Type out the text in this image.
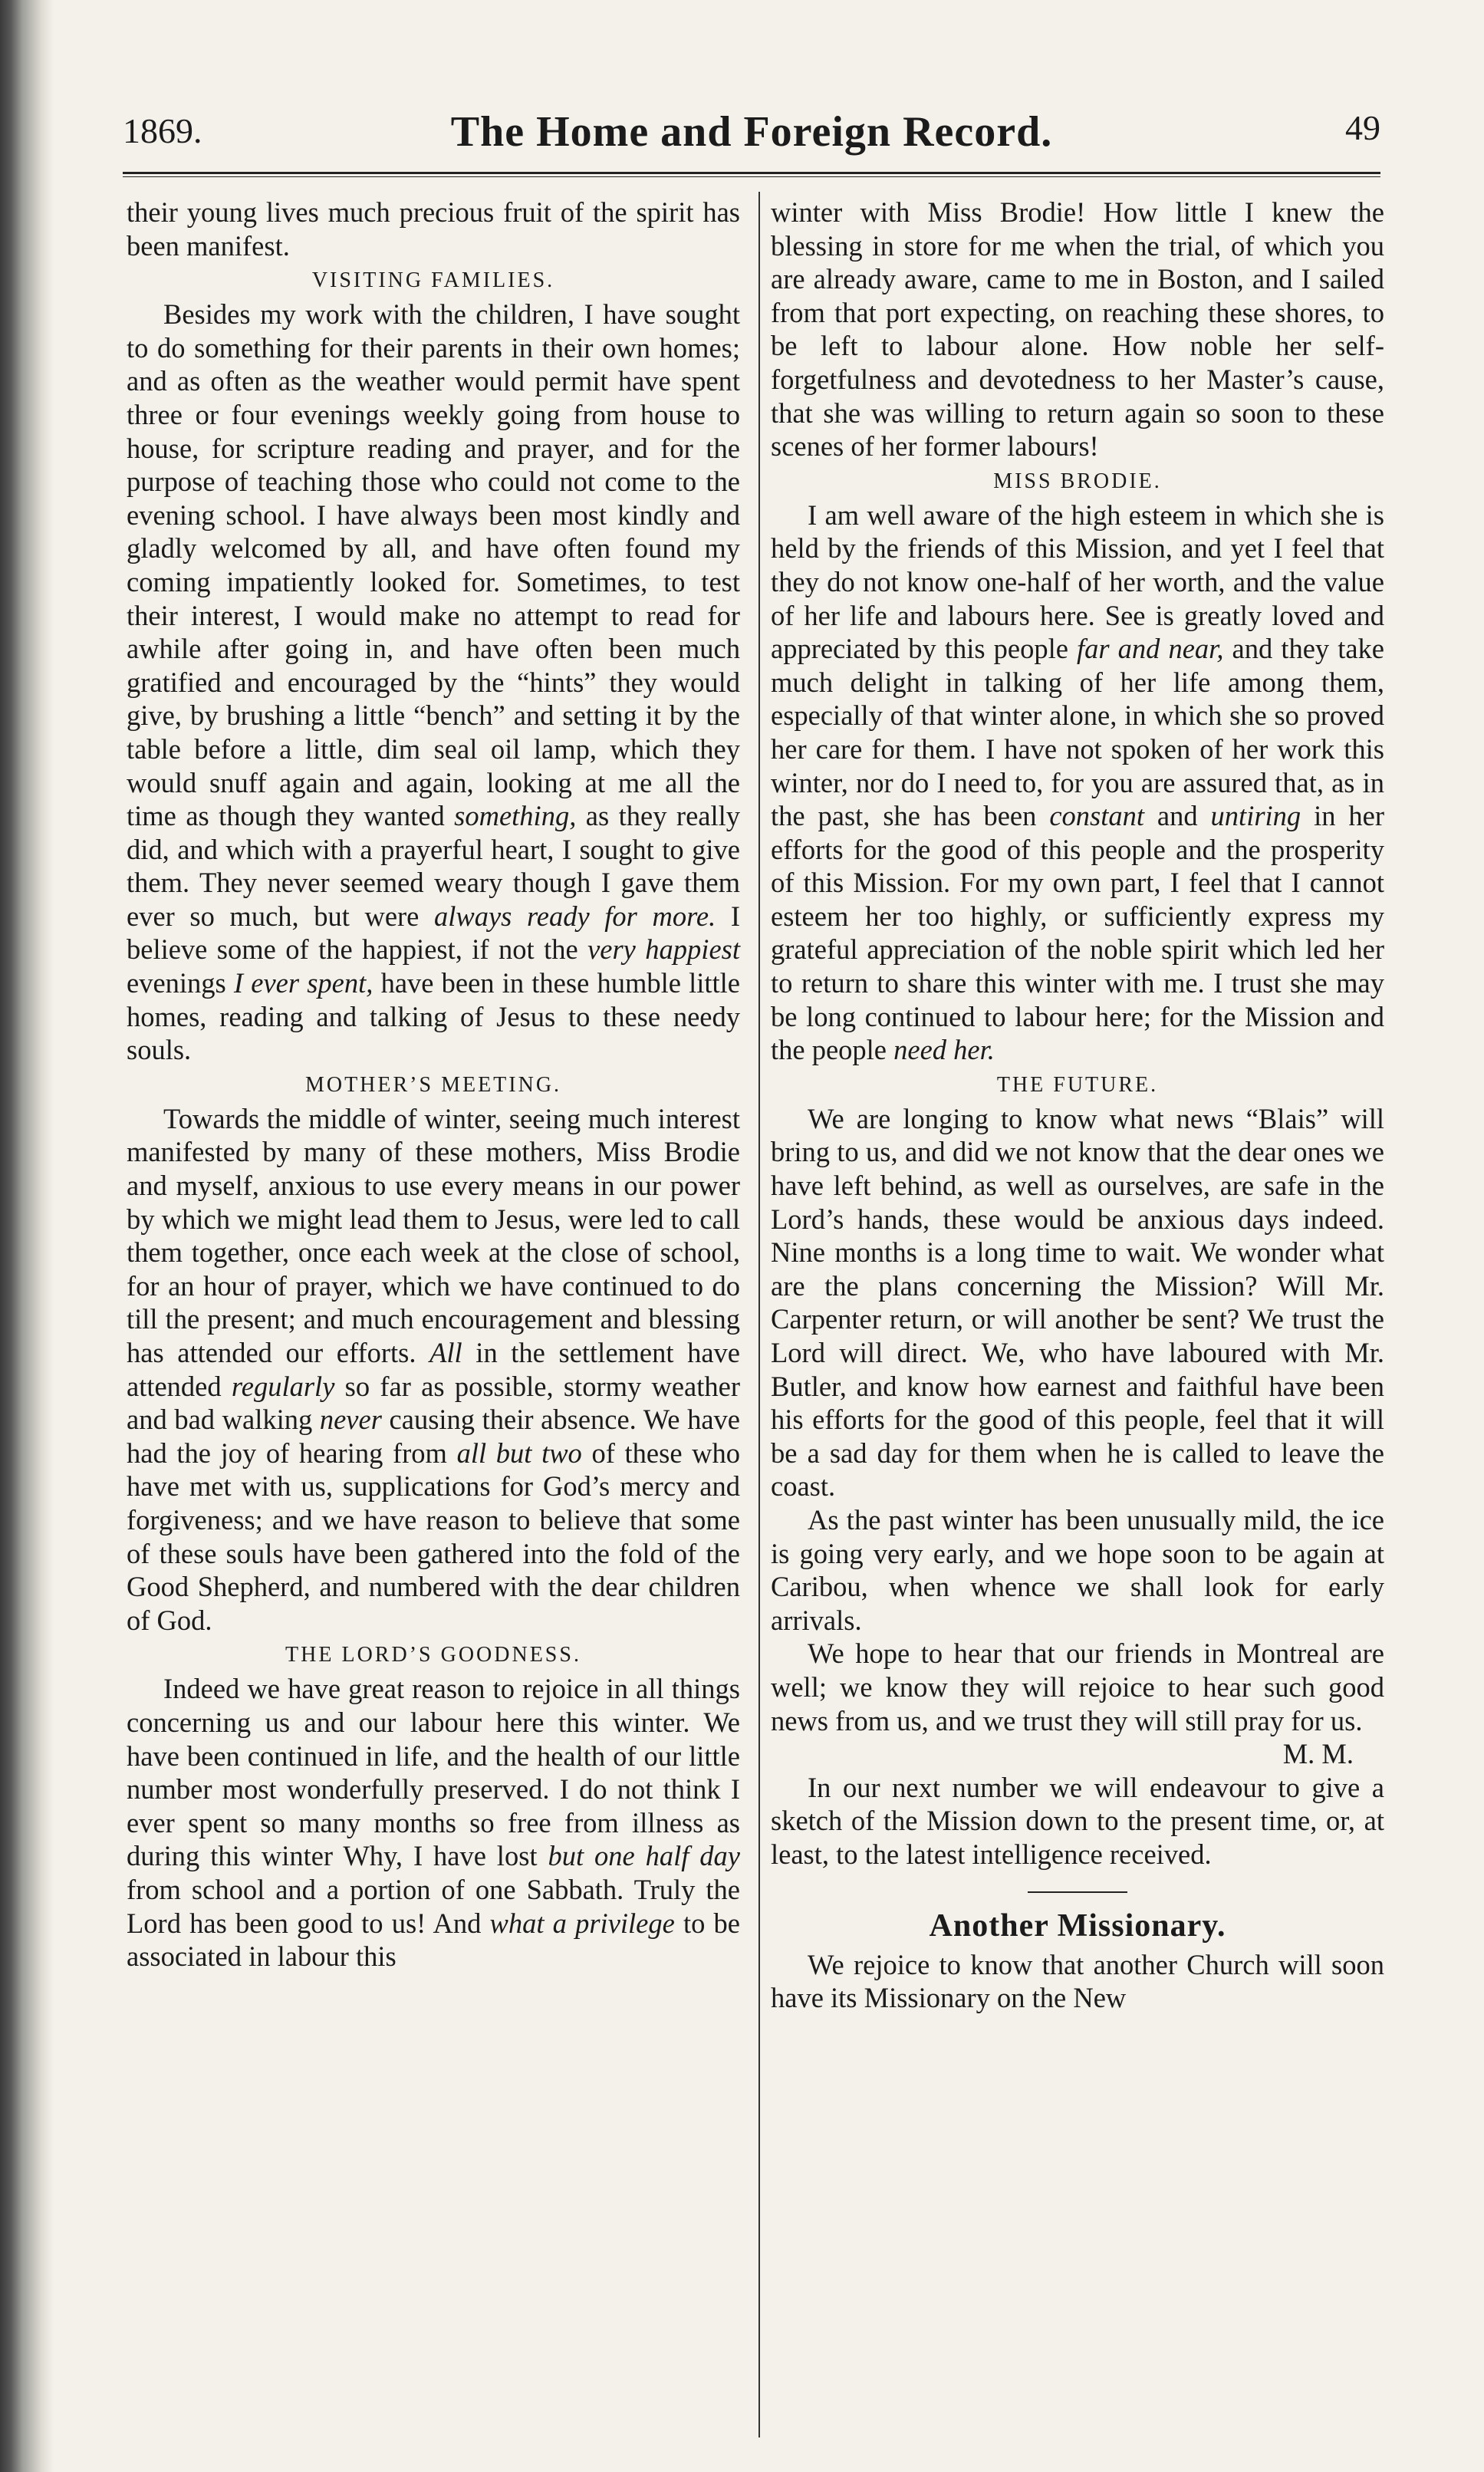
1869.	The Home and Foreign Record.	49

their young lives much precious fruit of the spirit has been manifest.

VISITING FAMILIES.

Besides my work with the children, I have sought to do something for their parents in their own homes; and as often as the weather would permit have spent three or four evenings weekly going from house to house, for scripture reading and prayer, and for the purpose of teaching those who could not come to the evening school. I have always been most kindly and gladly welcomed by all, and have often found my coming impatiently looked for. Sometimes, to test their interest, I would make no attempt to read for awhile after going in, and have often been much gratified and encouraged by the “hints” they would give, by brushing a little “bench” and setting it by the table before a little, dim seal oil lamp, which they would snuff again and again, looking at me all the time as though they wanted something, as they really did, and which with a prayerful heart, I sought to give them. They never seemed weary though I gave them ever so much, but were always ready for more. I believe some of the happiest, if not the very happiest evenings I ever spent, have been in these humble little homes, reading and talking of Jesus to these needy souls.

MOTHER’S MEETING.

Towards the middle of winter, seeing much interest manifested by many of these mothers, Miss Brodie and myself, anxious to use every means in our power by which we might lead them to Jesus, were led to call them together, once each week at the close of school, for an hour of prayer, which we have continued to do till the present; and much encouragement and blessing has attended our efforts. All in the settlement have attended regularly so far as possible, stormy weather and bad walking never causing their absence. We have had the joy of hearing from all but two of these who have met with us, supplications for God’s mercy and forgiveness; and we have reason to believe that some of these souls have been gathered into the fold of the Good Shepherd, and numbered with the dear children of God.

THE LORD’S GOODNESS.

Indeed we have great reason to rejoice in all things concerning us and our labour here this winter. We have been continued in life, and the health of our little number most wonderfully preserved. I do not think I ever spent so many months so free from illness as during this winter Why, I have lost but one half day from school and a portion of one Sabbath. Truly the Lord has been good to us! And what a privilege to be associated in labour this

winter with Miss Brodie! How little I knew the blessing in store for me when the trial, of which you are already aware, came to me in Boston, and I sailed from that port expecting, on reaching these shores, to be left to labour alone. How noble her self-forgetfulness and devotedness to her Master’s cause, that she was willing to return again so soon to these scenes of her former labours!

MISS BRODIE.

I am well aware of the high esteem in which she is held by the friends of this Mission, and yet I feel that they do not know one-half of her worth, and the value of her life and labours here. See is greatly loved and appreciated by this people far and near, and they take much delight in talking of her life among them, especially of that winter alone, in which she so proved her care for them. I have not spoken of her work this winter, nor do I need to, for you are assured that, as in the past, she has been constant and untiring in her efforts for the good of this people and the prosperity of this Mission. For my own part, I feel that I cannot esteem her too highly, or sufficiently express my grateful appreciation of the noble spirit which led her to return to share this winter with me. I trust she may be long continued to labour here; for the Mission and the people need her.

THE FUTURE.

We are longing to know what news “Blais” will bring to us, and did we not know that the dear ones we have left behind, as well as ourselves, are safe in the Lord’s hands, these would be anxious days indeed. Nine months is a long time to wait. We wonder what are the plans concerning the Mission? Will Mr. Carpenter return, or will another be sent? We trust the Lord will direct. We, who have laboured with Mr. Butler, and know how earnest and faithful have been his efforts for the good of this people, feel that it will be a sad day for them when he is called to leave the coast.

As the past winter has been unusually mild, the ice is going very early, and we hope soon to be again at Caribou, when whence we shall look for early arrivals.

We hope to hear that our friends in Montreal are well; we know they will rejoice to hear such good news from us, and we trust they will still pray for us.

M. M.

In our next number we will endeavour to give a sketch of the Mission down to the present time, or, at least, to the latest intelligence received.

Another Missionary.

We rejoice to know that another Church will soon have its Missionary on the New
